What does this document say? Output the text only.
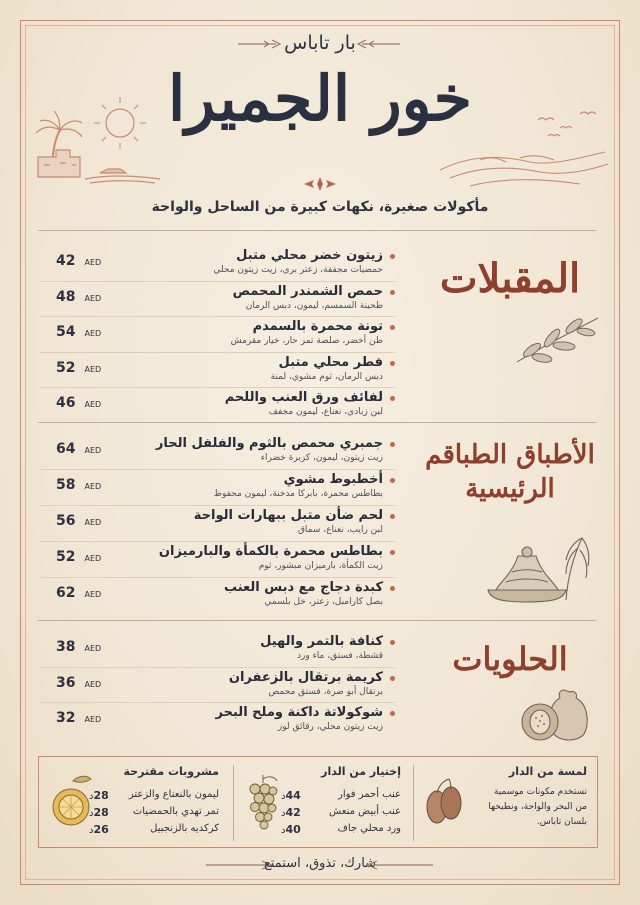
بار تاباس
خور الجميرا
مأكولات صغيرة، نكهات كبيرة من الساحل والواحة
المقبلات
زيتون خضر محلي متبل
حمضيات مجففة، زعتر بري، زيت زيتون محلي
42 AED
حمص الشمندر المحمص
طحينة السمسم، ليمون، دبس الرمان
48 AED
تونة محمرة بالسمدم
طن أخضر، صلصة تمر حار، خيار مقرمش
54 AED
فطر محلي متبل
دبس الرمان، ثوم مشوي، لمنة
52 AED
لفائف ورق العنب واللحم
لبن زبادي، نعناع، ليمون مجفف
46 AED
الأطباق الطباقم
الرئيسية
جمبري محمص بالثوم والفلفل الحار
زيت زيتون، ليمون، كزبرة خضراء
64 AED
أخطبوط مشوي
بطاطس محمرة، بابركا مدخنة، ليمون محفوظ
58 AED
لحم ضأن متبل ببهارات الواحة
لبن رايب، نعناع، سماق
56 AED
بطاطس محمرة بالكمأة والبارميزان
زيت الكمأة، بارميزان مبشور، ثوم
52 AED
كبدة دجاج مع دبس العنب
بصل كارامبل، زعتر، خل بلسمي
62 AED
الحلويات
كنافة بالتمر والهيل
قشطة، فستق، ماء ورد
38 AED
كريمة برتقال بالزعفران
برتقال أبو صرة، فستق محمص
36 AED
شوكولاتة داكنة وملح البحر
زيت زيتون محلي، رقائق لوز
32 AED
لمسة من الدار
نستخدم مكونات موسمية
من البحر والواحة، ونطبخها
بلسان تاباس.
إختيار من الدار
عنب أحمر فوار
44د
عنب أبيض منعش
42د
ورد محلي جاف
40د
مشروبات مقترحة
ليمون بالنعناع والزعتر
28د
تمر تهدي بالحمضيات
28د
كركديه بالزنجبيل
26د
شارك، تذوق، استمتع
